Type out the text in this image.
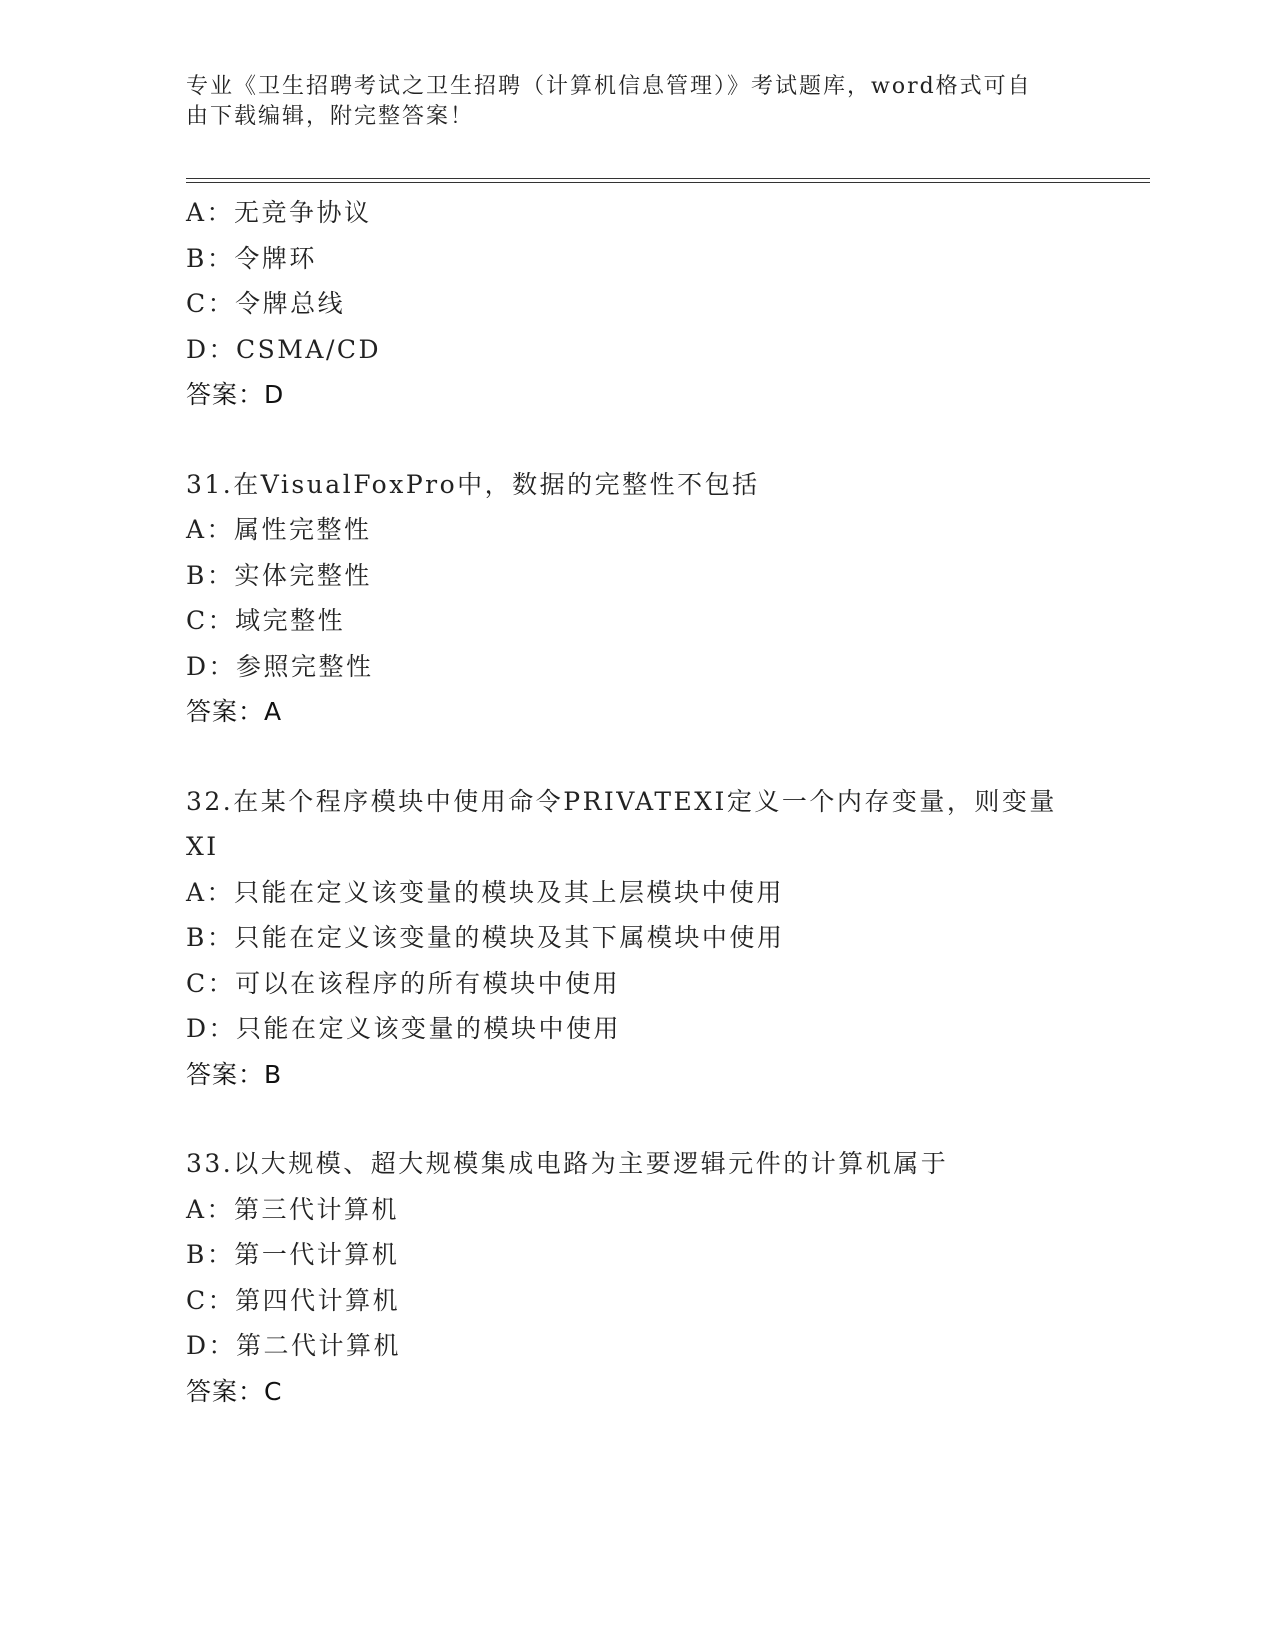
专业《卫生招聘考试之卫生招聘（计算机信息管理）》考试题库，word格式可自
由下载编辑，附完整答案！
A：无竞争协议
B：令牌环
C：令牌总线
D：CSMA/CD
答案：D
31.在VisualFoxPro中，数据的完整性不包括
A：属性完整性
B：实体完整性
C：域完整性
D：参照完整性
答案：A
32.在某个程序模块中使用命令PRIVATEXI定义一个内存变量，则变量
XI
A：只能在定义该变量的模块及其上层模块中使用
B：只能在定义该变量的模块及其下属模块中使用
C：可以在该程序的所有模块中使用
D：只能在定义该变量的模块中使用
答案：B
33.以大规模、超大规模集成电路为主要逻辑元件的计算机属于
A：第三代计算机
B：第一代计算机
C：第四代计算机
D：第二代计算机
答案：C
